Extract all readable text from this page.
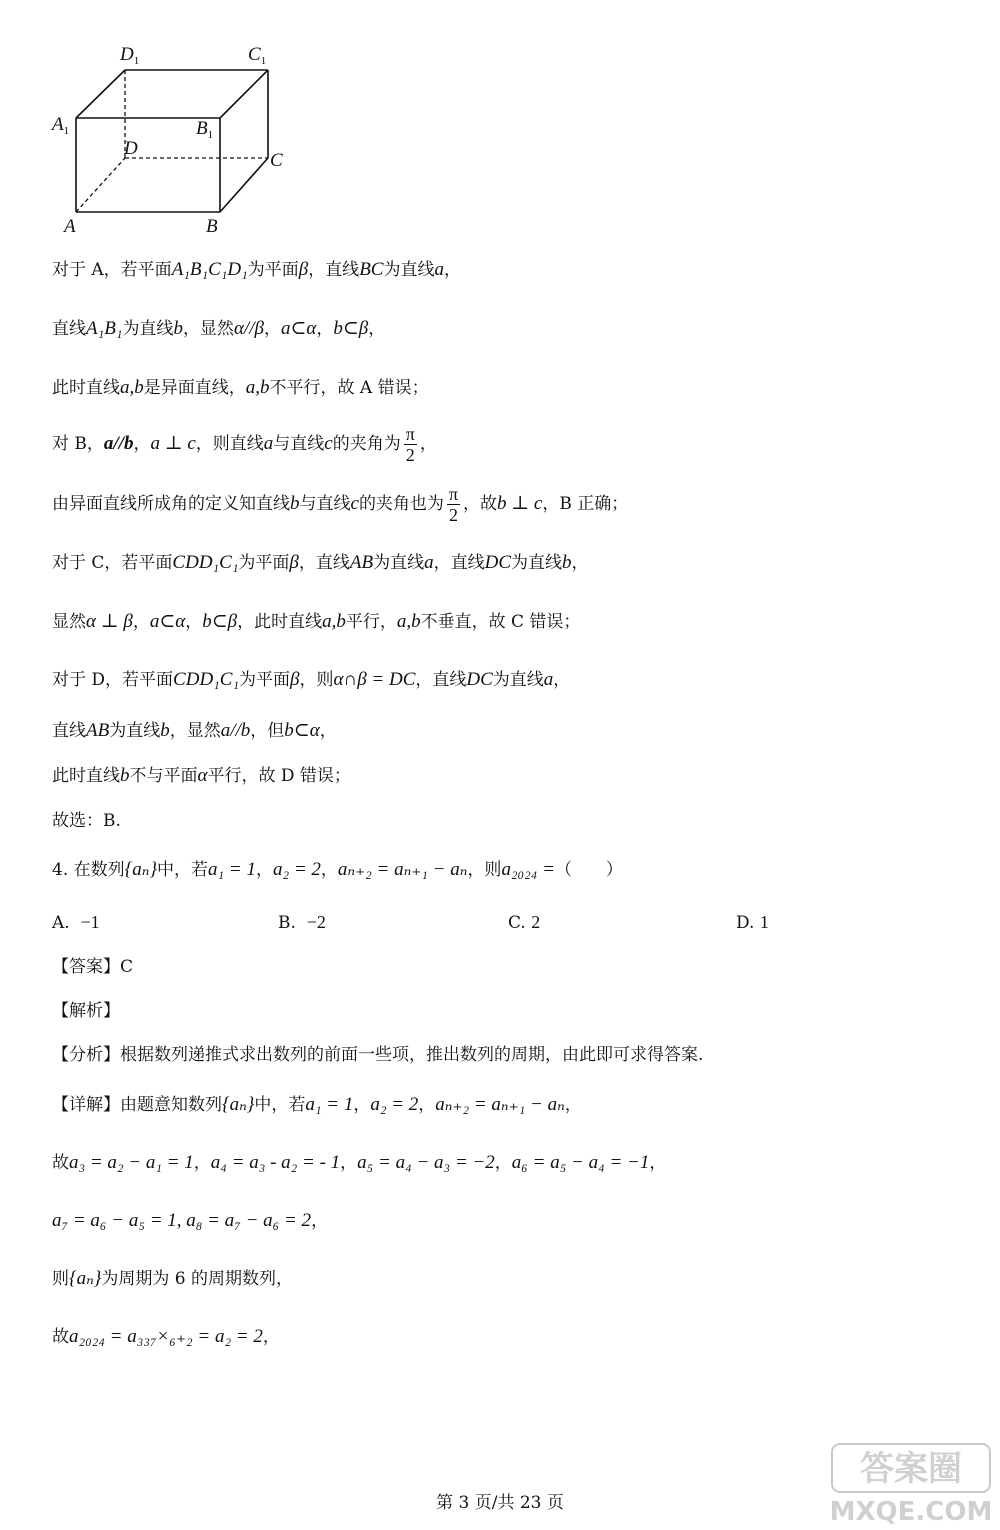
$D_1$	$C_1$
$A_1$	$B_1$
D
C
A	B
对于 A，若平面A₁B₁C₁D₁为平面β，直线BC为直线a，
直线A₁B₁为直线b，显然α//β，a⊂α，b⊂β，
此时直线a,b是异面直线，a,b不平行，故 A 错误；
对 B，a//b，a ⊥ c，则直线a与直线c的夹角为 $\frac{\pi}{2}$ ，
由异面直线所成角的定义知直线b与直线c的夹角也为 $\frac{\pi}{2}$ ，故b ⊥ c，B 正确；
对于 C，若平面CDD₁C₁为平面β，直线AB为直线a，直线DC为直线b，
显然α ⊥ β，a⊂α，b⊂β，此时直线a,b平行，a,b不垂直，故 C 错误；
对于 D，若平面CDD₁C₁为平面β，则α∩β = DC，直线DC为直线a，
直线AB为直线b，显然a//b，但b⊂α，
此时直线b不与平面α平行，故 D 错误；
故选：B.
4. 在数列{aₙ}中，若a₁ = 1，a₂ = 2，aₙ₊₂ = aₙ₊₁ − aₙ，则a₂₀₂₄ =（　　）
A. −1	B. −2	C. 2	D. 1
【答案】C
【解析】
【分析】根据数列递推式求出数列的前面一些项，推出数列的周期，由此即可求得答案.
【详解】由题意知数列{aₙ}中，若a₁ = 1，a₂ = 2，aₙ₊₂ = aₙ₊₁ − aₙ，
故a₃ = a₂ − a₁ = 1，a₄ = a₃ - a₂ = - 1，a₅ = a₄ − a₃ = −2，a₆ = a₅ − a₄ = −1，
a₇ = a₆ − a₅ = 1, a₈ = a₇ − a₆ = 2，
则{aₙ}为周期为 6 的周期数列，
故a₂₀₂₄ = a₃₃₇×₆₊₂ = a₂ = 2，
第 3 页/共 23 页
答案圈
MXQE.COM
